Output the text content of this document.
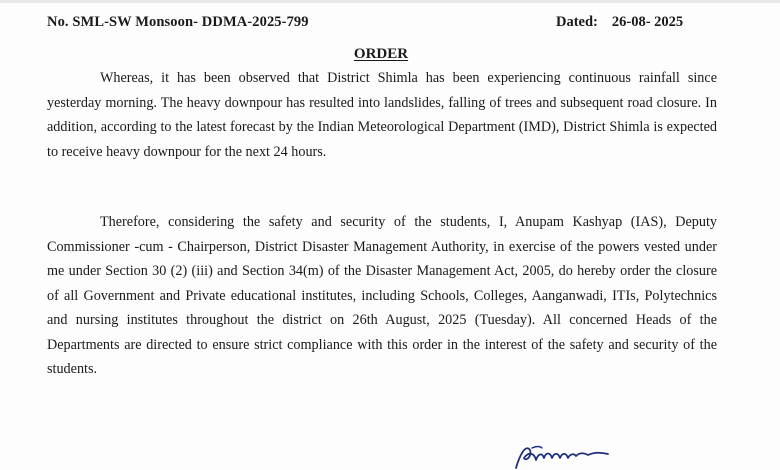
No. SML-SW Monsoon- DDMA-2025-799	Dated: 26-08- 2025
ORDER

Whereas, it has been observed that District Shimla has been experiencing continuous rainfall since yesterday morning. The heavy downpour has resulted into landslides, falling of trees and subsequent road closure. In addition, according to the latest forecast by the Indian Meteorological Department (IMD), District Shimla is expected to receive heavy downpour for the next 24 hours.

Therefore, considering the safety and security of the students, I, Anupam Kashyap (IAS), Deputy Commissioner -cum - Chairperson, District Disaster Management Authority, in exercise of the powers vested under me under Section 30 (2) (iii) and Section 34(m) of the Disaster Management Act, 2005, do hereby order the closure of all Government and Private educational institutes, including Schools, Colleges, Aanganwadi, ITIs, Polytechnics and nursing institutes throughout the district on 26th August, 2025 (Tuesday). All concerned Heads of the Departments are directed to ensure strict compliance with this order in the interest of the safety and security of the students.
